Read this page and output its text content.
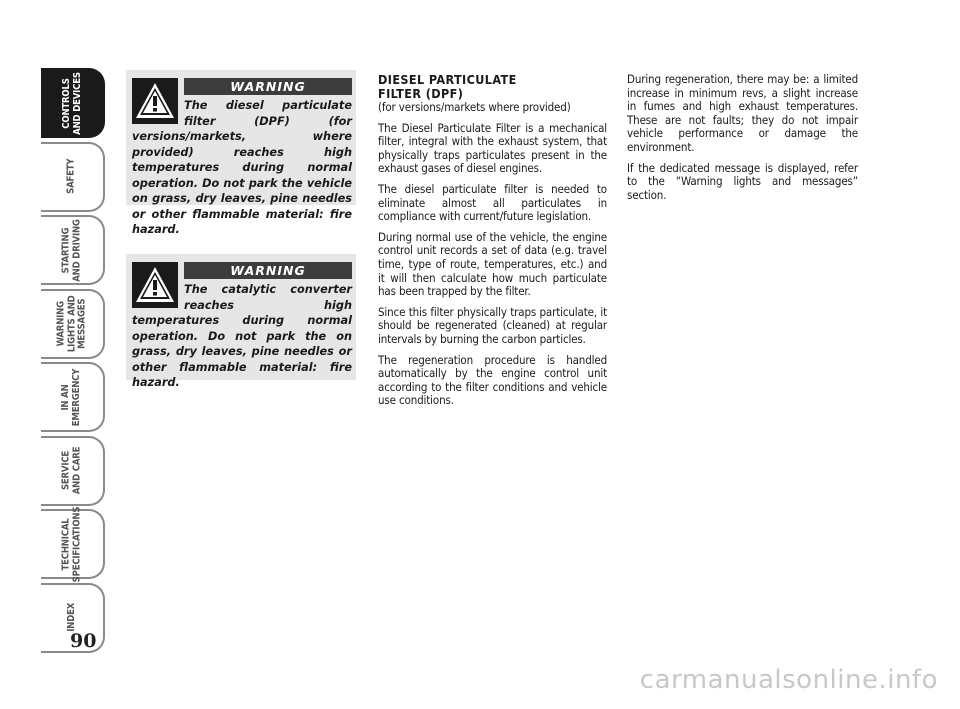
CONTROLS
AND DEVICES
SAFETY
STARTING
AND DRIVING
WARNING
LIGHTS AND
MESSAGES
IN AN
EMERGENCY
SERVICE
AND CARE
TECHNICAL
SPECIFICATIONS
INDEX
90
WARNING
The diesel particulate filter (DPF) (for versions/markets, where provided) reaches high temperatures during normal operation. Do not park the vehicle on grass, dry leaves, pine needles or other flammable material: fire hazard.
WARNING
The catalytic converter reaches high temperatures during normal operation. Do not park the on grass, dry leaves, pine needles or other flammable material: fire hazard.
DIESEL PARTICULATE
FILTER (DPF)

(for versions/markets where provided)

The Diesel Particulate Filter is a mechanical filter, integral with the exhaust system, that physically traps particulates present in the exhaust gases of diesel engines.

The diesel particulate filter is needed to eliminate almost all particulates in compliance with current/future legislation.

During normal use of the vehicle, the engine control unit records a set of data (e.g. travel time, type of route, temperatures, etc.) and it will then calculate how much particulate has been trapped by the filter.

Since this filter physically traps particulate, it should be regenerated (cleaned) at regular intervals by burning the carbon particles.

The regeneration procedure is handled automatically by the engine control unit according to the filter conditions and vehicle use conditions.

During regeneration, there may be: a limited increase in minimum revs, a slight increase in fumes and high exhaust temperatures. These are not faults; they do not impair vehicle performance or damage the environment.

If the dedicated message is displayed, refer to the “Warning lights and messages” section.

carmanualsonline.info
